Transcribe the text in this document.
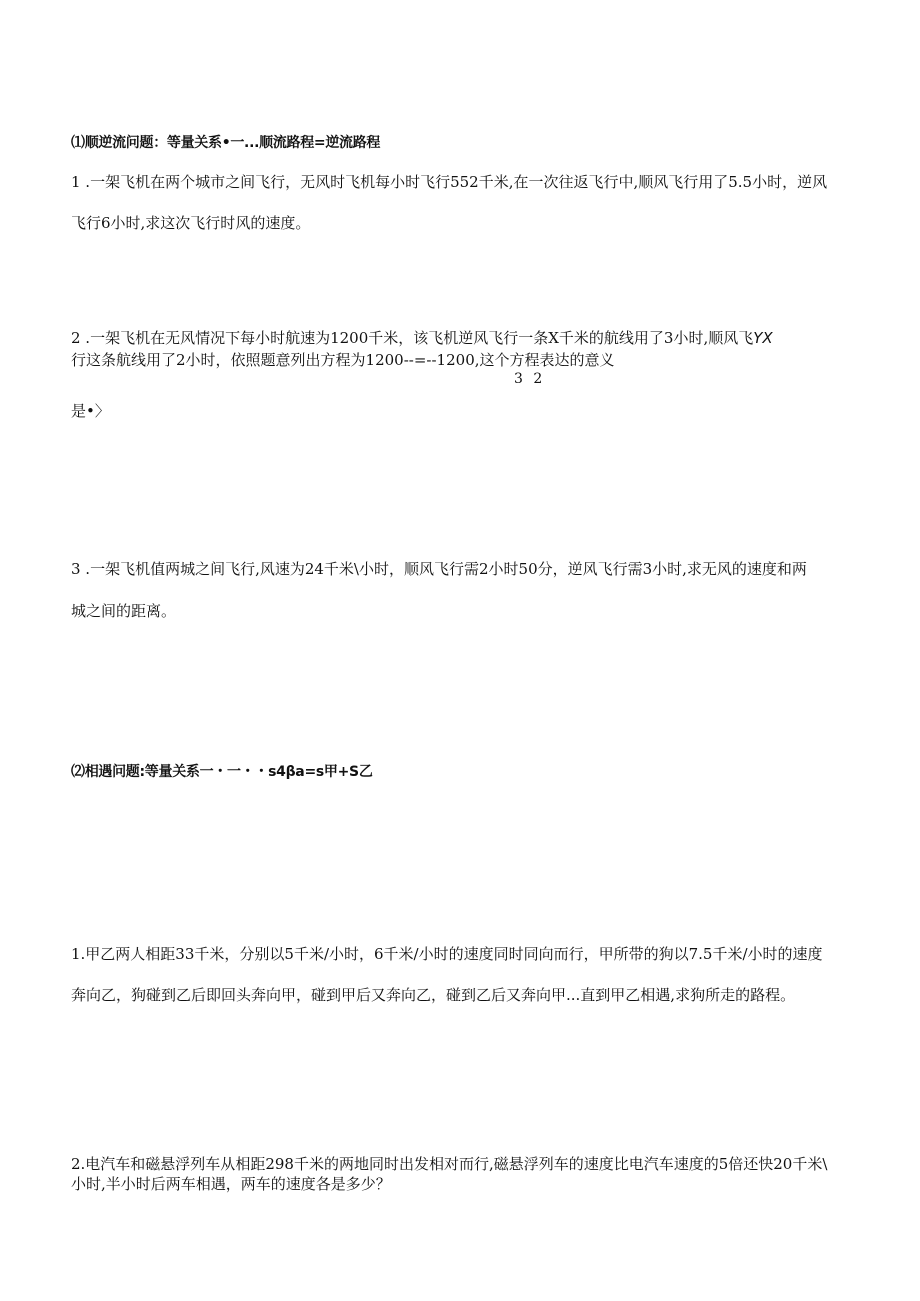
⑴顺逆流问题：等量关系•一...顺流路程=逆流路程
1 .一架飞机在两个城市之间飞行，无风时飞机每小时飞行552千米,在一次往返飞行中,顺风飞行用了5.5小时，逆风
飞行6小时,求这次飞行时风的速度。
2 .一架飞机在无风情况下每小时航速为1200千米，该飞机逆风飞行一条X千米的航线用了3小时,顺风飞YX
行这条航线用了2小时，依照题意列出方程为1200--=--1200,这个方程表达的意义
3 2
是•〉
3 .一架飞机值两城之间飞行,风速为24千米\小时，顺风飞行需2小时50分，逆风飞行需3小时,求无风的速度和两
城之间的距离。
⑵相遇问题:等量关系一・一・・s4βa=s甲+S乙
1.甲乙两人相距33千米，分别以5千米/小时，6千米/小时的速度同时同向而行，甲所带的狗以7.5千米/小时的速度
奔向乙，狗碰到乙后即回头奔向甲，碰到甲后又奔向乙，碰到乙后又奔向甲...直到甲乙相遇,求狗所走的路程。
2.电汽车和磁悬浮列车从相距298千米的两地同时出发相对而行,磁悬浮列车的速度比电汽车速度的5倍还快20千米\
小时,半小时后两车相遇，两车的速度各是多少？
